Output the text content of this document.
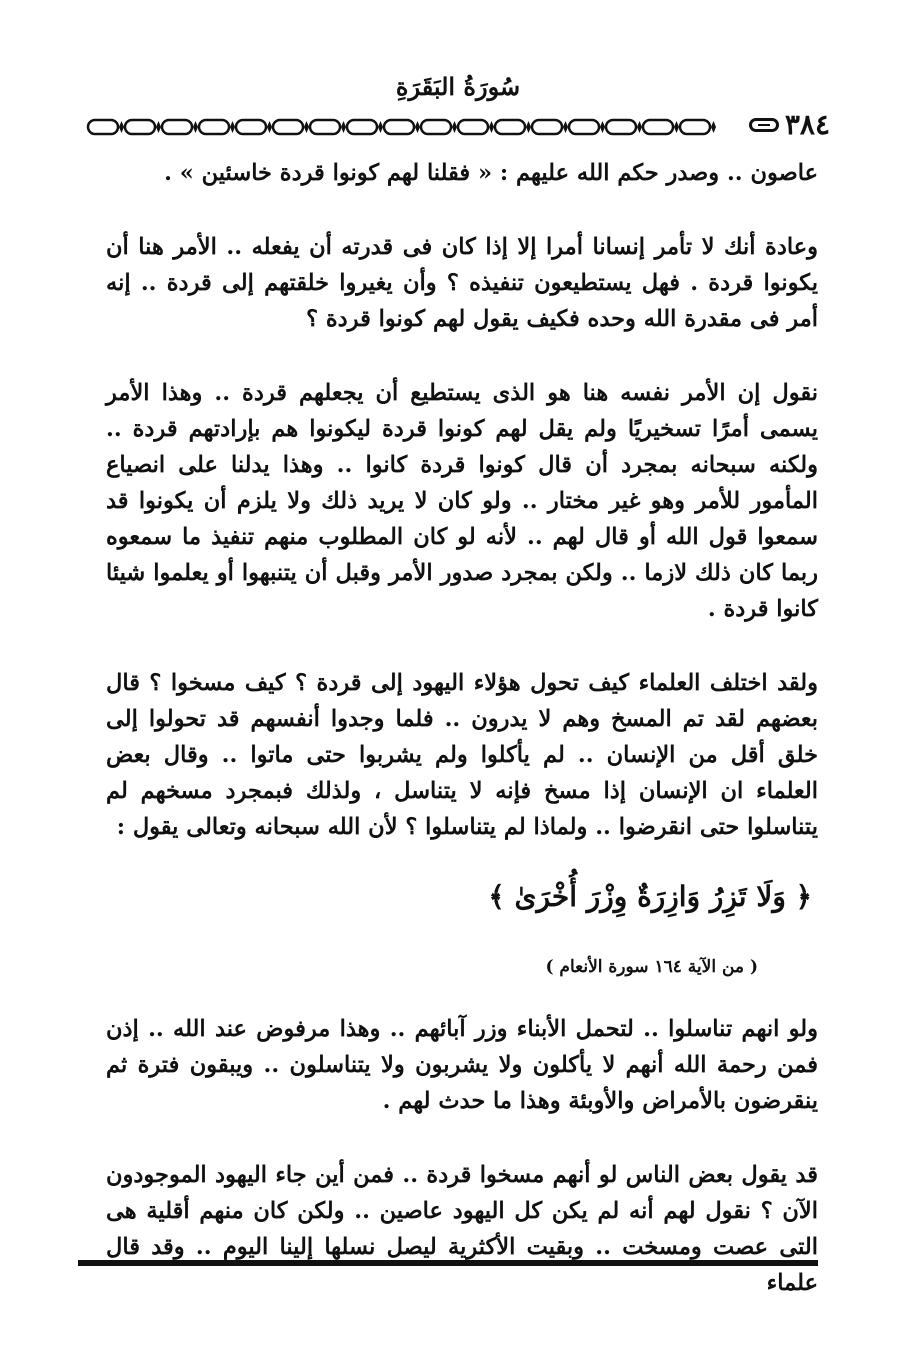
سُورَةُ البَقَرَةِ
٣٨٤

عاصون .. وصدر حكم الله عليهم : « فقلنا لهم كونوا قردة خاسئين » .

وعادة أنك لا تأمر إنسانا أمرا إلا إذا كان فى قدرته أن يفعله .. الأمر هنا أن يكونوا قردة . فهل يستطيعون تنفيذه ؟ وأن يغيروا خلقتهم إلى قردة .. إنه أمر فى مقدرة الله وحده فكيف يقول لهم كونوا قردة ؟

نقول إن الأمر نفسه هنا هو الذى يستطيع أن يجعلهم قردة .. وهذا الأمر يسمى أمرًا تسخيريًا ولم يقل لهم كونوا قردة ليكونوا هم بإرادتهم قردة .. ولكنه سبحانه بمجرد أن قال كونوا قردة كانوا .. وهذا يدلنا على انصياع المأمور للأمر وهو غير مختار .. ولو كان لا يريد ذلك ولا يلزم أن يكونوا قد سمعوا قول الله أو قال لهم .. لأنه لو كان المطلوب منهم تنفيذ ما سمعوه ربما كان ذلك لازما .. ولكن بمجرد صدور الأمر وقبل أن يتنبهوا أو يعلموا شيئا كانوا قردة .

ولقد اختلف العلماء كيف تحول هؤلاء اليهود إلى قردة ؟ كيف مسخوا ؟ قال بعضهم لقد تم المسخ وهم لا يدرون .. فلما وجدوا أنفسهم قد تحولوا إلى خلق أقل من الإنسان .. لم يأكلوا ولم يشربوا حتى ماتوا .. وقال بعض العلماء ان الإنسان إذا مسخ فإنه لا يتناسل ، ولذلك فبمجرد مسخهم لم يتناسلوا حتى انقرضوا .. ولماذا لم يتناسلوا ؟ لأن الله سبحانه وتعالى يقول :

﴿ وَلَا تَزِرُ وَازِرَةٌ وِزْرَ أُخْرَىٰ ﴾
( من الآية ١٦٤ سورة الأنعام )

ولو انهم تناسلوا .. لتحمل الأبناء وزر آبائهم .. وهذا مرفوض عند الله .. إذن فمن رحمة الله أنهم لا يأكلون ولا يشربون ولا يتناسلون .. ويبقون فترة ثم ينقرضون بالأمراض والأوبئة وهذا ما حدث لهم .

قد يقول بعض الناس لو أنهم مسخوا قردة .. فمن أين جاء اليهود الموجودون الآن ؟ نقول لهم أنه لم يكن كل اليهود عاصين .. ولكن كان منهم أقلية هى التى عصت ومسخت .. وبقيت الأكثرية ليصل نسلها إلينا اليوم .. وقد قال علماء
